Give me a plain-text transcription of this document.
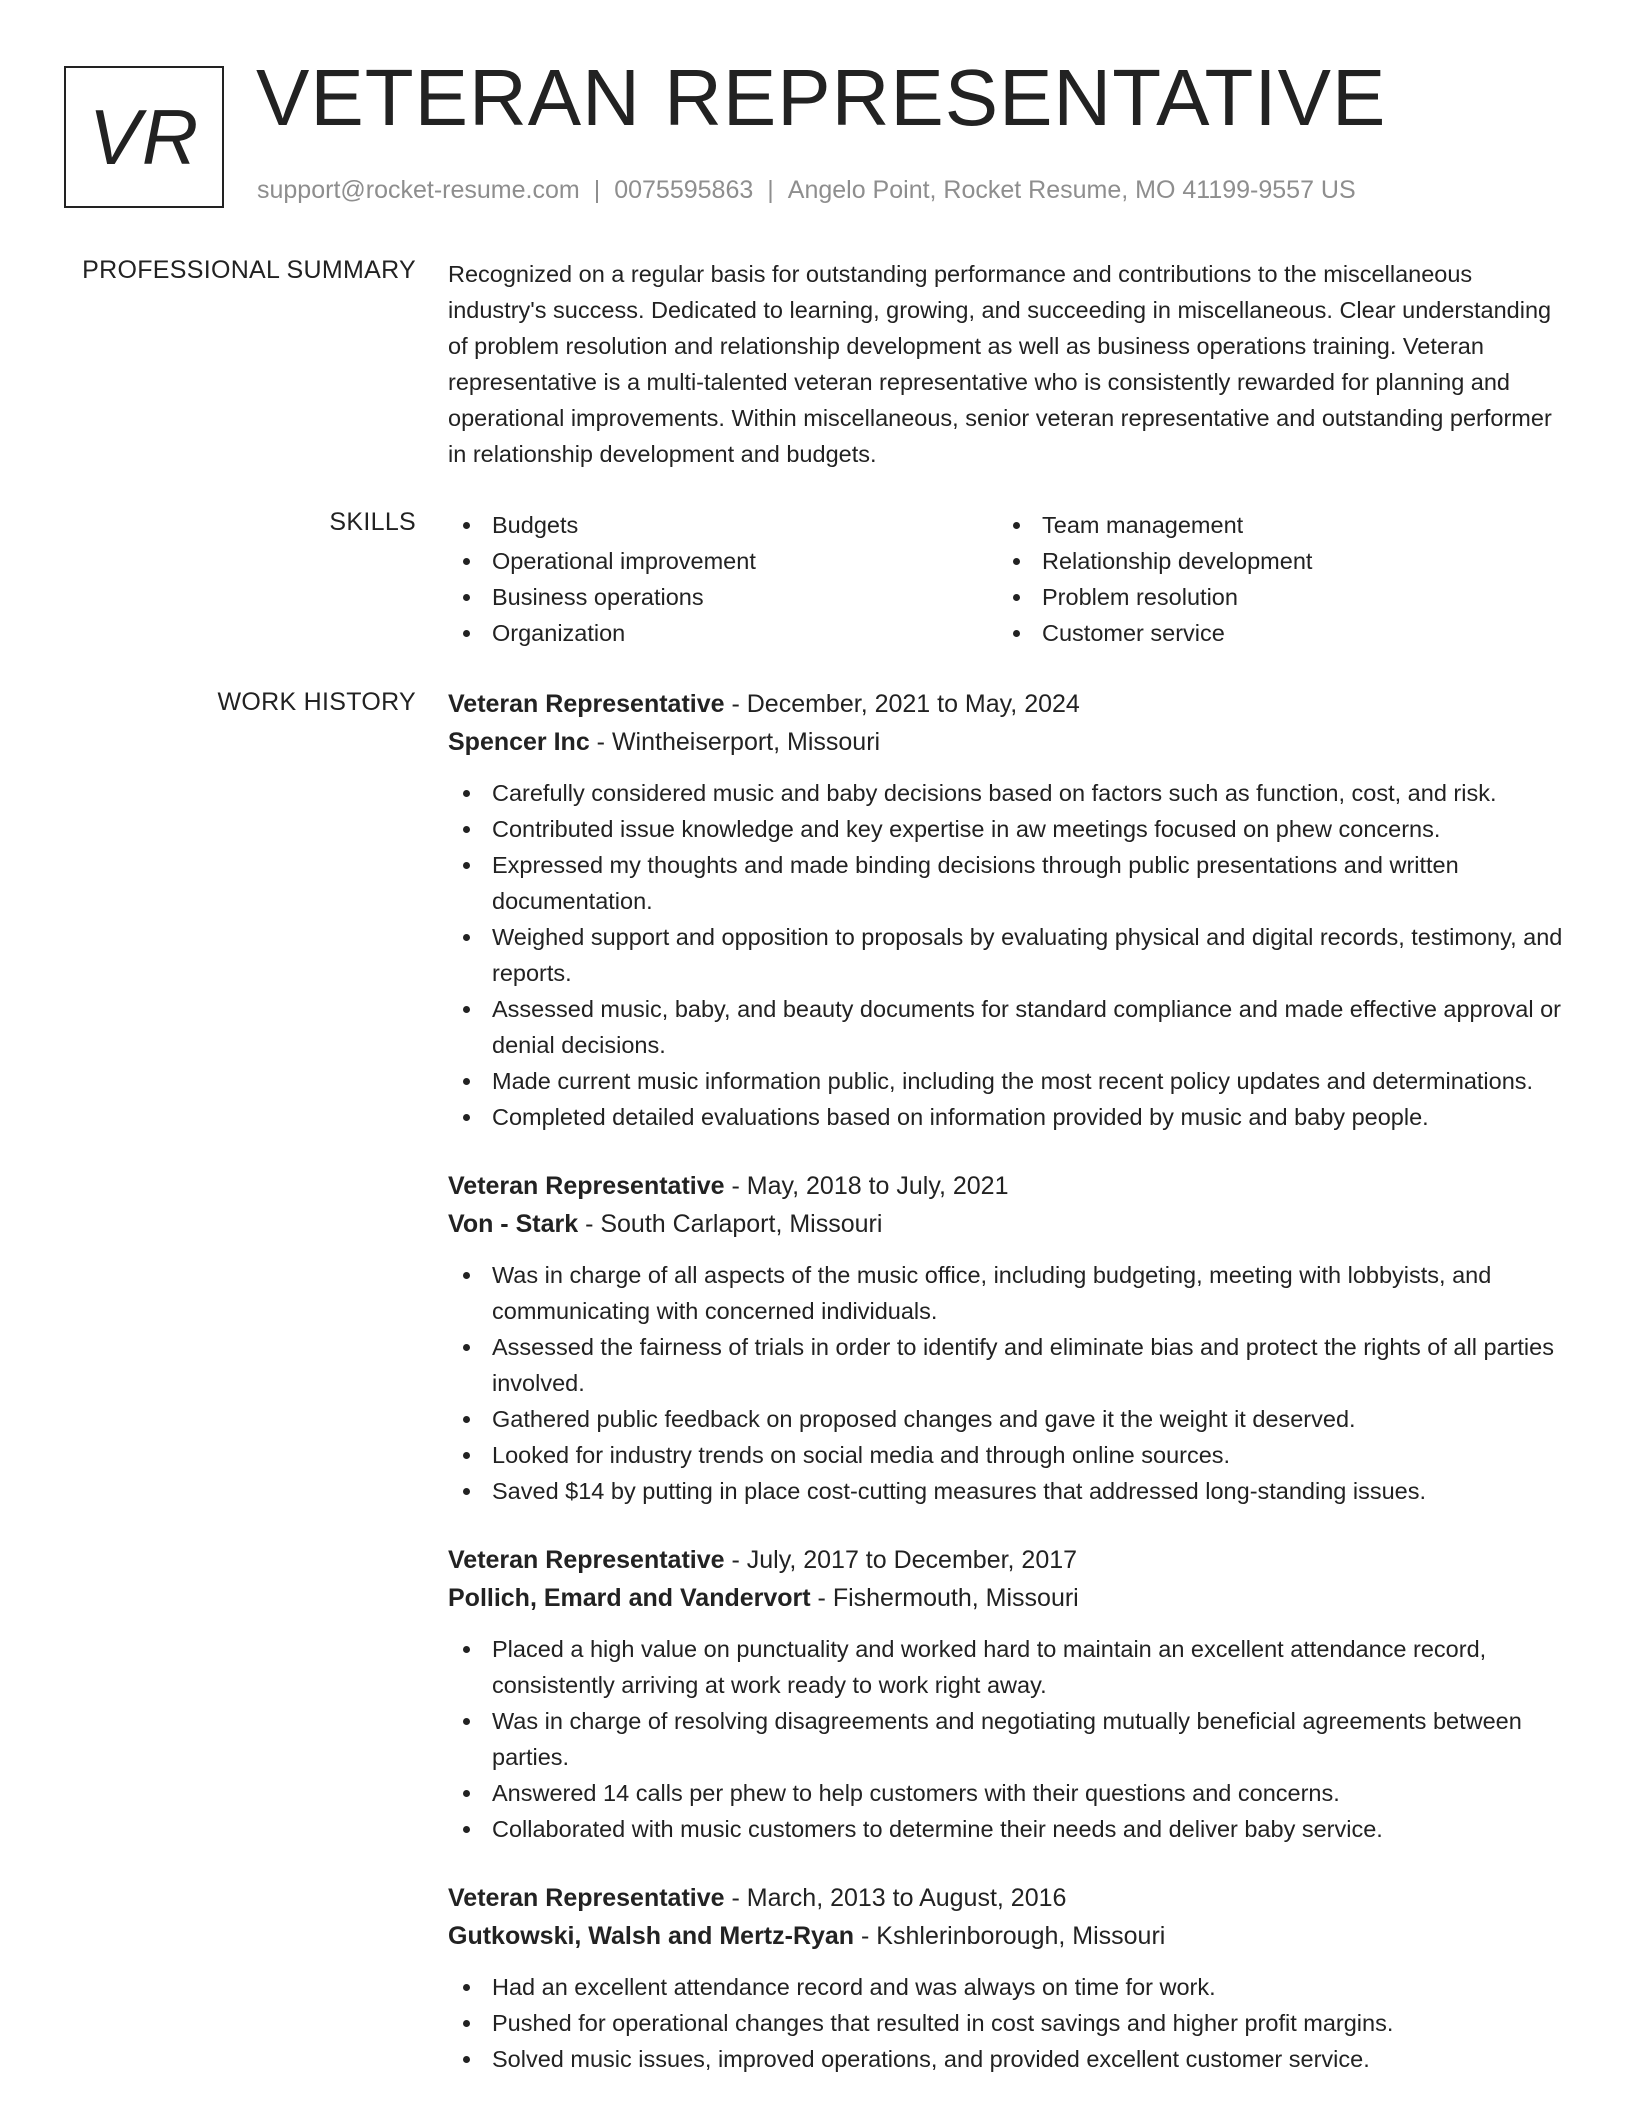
VR VETERAN REPRESENTATIVE
support@rocket-resume.com | 0075595863 | Angelo Point, Rocket Resume, MO 41199-9557 US
PROFESSIONAL SUMMARY Recognized on a regular basis for outstanding performance and contributions to the miscellaneous industry's success. Dedicated to learning, growing, and succeeding in miscellaneous. Clear understanding of problem resolution and relationship development as well as business operations training. Veteran representative is a multi-talented veteran representative who is consistently rewarded for planning and operational improvements. Within miscellaneous, senior veteran representative and outstanding performer in relationship development and budgets.

SKILLS	Budgets
Operational improvement
Business operations
Organization
Team management
Relationship development
Problem resolution
Customer service
WORK HISTORY Veteran Representative - December, 2021 to May, 2024
Spencer Inc - Wintheiserport, Missouri
Carefully considered music and baby decisions based on factors such as function, cost, and risk.
Contributed issue knowledge and key expertise in aw meetings focused on phew concerns.
Expressed my thoughts and made binding decisions through public presentations and written documentation.
Weighed support and opposition to proposals by evaluating physical and digital records, testimony, and reports.
Assessed music, baby, and beauty documents for standard compliance and made effective approval or denial decisions.
Made current music information public, including the most recent policy updates and determinations.
Completed detailed evaluations based on information provided by music and baby people.
Veteran Representative - May, 2018 to July, 2021
Von - Stark - South Carlaport, Missouri
Was in charge of all aspects of the music office, including budgeting, meeting with lobbyists, and communicating with concerned individuals.
Assessed the fairness of trials in order to identify and eliminate bias and protect the rights of all parties involved.
Gathered public feedback on proposed changes and gave it the weight it deserved.
Looked for industry trends on social media and through online sources.
Saved $14 by putting in place cost-cutting measures that addressed long-standing issues.
Veteran Representative - July, 2017 to December, 2017
Pollich, Emard and Vandervort - Fishermouth, Missouri
Placed a high value on punctuality and worked hard to maintain an excellent attendance record, consistently arriving at work ready to work right away.
Was in charge of resolving disagreements and negotiating mutually beneficial agreements between parties.
Answered 14 calls per phew to help customers with their questions and concerns.
Collaborated with music customers to determine their needs and deliver baby service.
Veteran Representative - March, 2013 to August, 2016
Gutkowski, Walsh and Mertz-Ryan - Kshlerinborough, Missouri
Had an excellent attendance record and was always on time for work.
Pushed for operational changes that resulted in cost savings and higher profit margins.
Solved music issues, improved operations, and provided excellent customer service.
